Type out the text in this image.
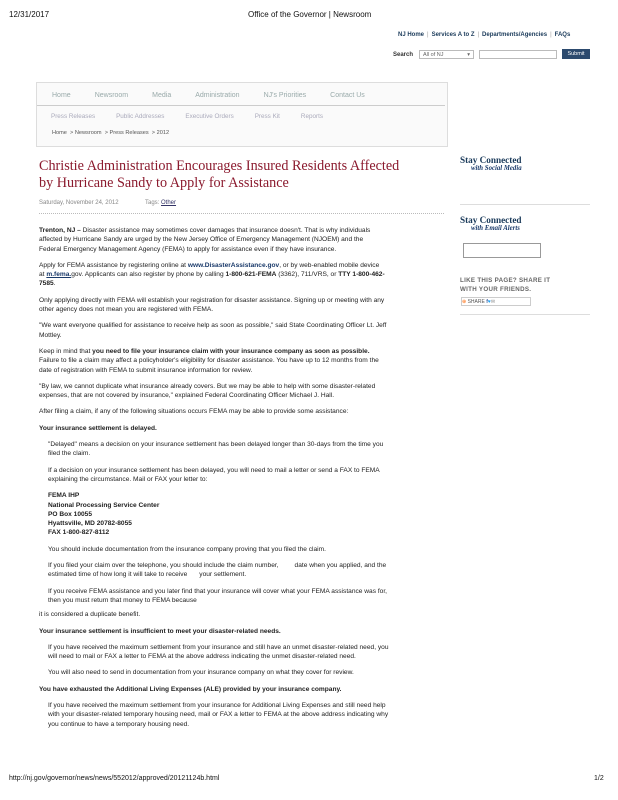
12/31/2017	Office of the Governor | Newsroom
NJ Home | Services A to Z | Departments/Agencies | FAQs
Search	All of NJ	▾	Submit
Home	Newsroom	Media	Administration	NJ's Priorities	Contact Us
Press Releases	Public Addresses	Executive Orders	Press Kit	Reports
Home  > Newsroom  > Press Releases  > 2012
Christie Administration Encourages Insured Residents Affected
by Hurricane Sandy to Apply for Assistance
Saturday, November 24, 2012	Tags: Other

Trenton, NJ – Disaster assistance may sometimes cover damages that insurance doesn't. That is why individuals

affected by Hurricane Sandy are urged by the New Jersey Office of Emergency Management (NJOEM) and the

Federal Emergency Management Agency (FEMA) to apply for assistance even if they have insurance.

Apply for FEMA assistance by registering online at www.DisasterAssistance.gov, or by web-enabled mobile device

at m.fema.gov. Applicants can also register by phone by calling 1-800-621-FEMA (3362), 711/VRS, or TTY 1-800-462-

7585.

Only applying directly with FEMA will establish your registration for disaster assistance. Signing up or meeting with any

other agency does not mean you are registered with FEMA.

"We want everyone qualified for assistance to receive help as soon as possible," said State Coordinating Officer Lt. Jeff

Mottley.

Keep in mind that you need to file your insurance claim with your insurance company as soon as possible.

Failure to file a claim may affect a policyholder's eligibility for disaster assistance. You have up to 12 months from the

date of registration with FEMA to submit insurance information for review.

"By law, we cannot duplicate what insurance already covers. But we may be able to help with some disaster-related

expenses, that are not covered by insurance," explained Federal Coordinating Officer Michael J. Hall.

After filing a claim, if any of the following situations occurs FEMA may be able to provide some assistance:

Your insurance settlement is delayed.

"Delayed" means a decision on your insurance settlement has been delayed longer than 30-days from the time you

filed the claim.

If a decision on your insurance settlement has been delayed, you will need to mail a letter or send a FAX to FEMA

explaining the circumstance. Mail or FAX your letter to:

FEMA IHP

National Processing Service Center

PO Box 10055

Hyattsville, MD 20782-8055

FAX 1-800-827-8112

You should include documentation from the insurance company proving that you filed the claim.

If you filed your claim over the telephone, you should include the claim number, date when you applied, and the

estimated time of how long it will take to receive your settlement.

If you receive FEMA assistance and you later find that your insurance will cover what your FEMA assistance was for,

then you must return that money to FEMA because

it is considered a duplicate benefit.

Your insurance settlement is insufficient to meet your disaster-related needs.

If you have received the maximum settlement from your insurance and still have an unmet disaster-related need, you

will need to mail or FAX a letter to FEMA at the above address indicating the unmet disaster-related need.

You will also need to send in documentation from your insurance company on what they cover for review.

You have exhausted the Additional Living Expenses (ALE) provided by your insurance company.

If you have received the maximum settlement from your insurance for Additional Living Expenses and still need help

with your disaster-related temporary housing need, mail or FAX a letter to FEMA at the above address indicating why

you continue to have a temporary housing need.

Stay Connected
with Social Media
Stay Connected
with Email Alerts
LIKE THIS PAGE? SHARE IT
WITH YOUR FRIENDS.
⊕ SHARE f♥✉
http://nj.gov/governor/news/news/552012/approved/20121124b.html	1/2
